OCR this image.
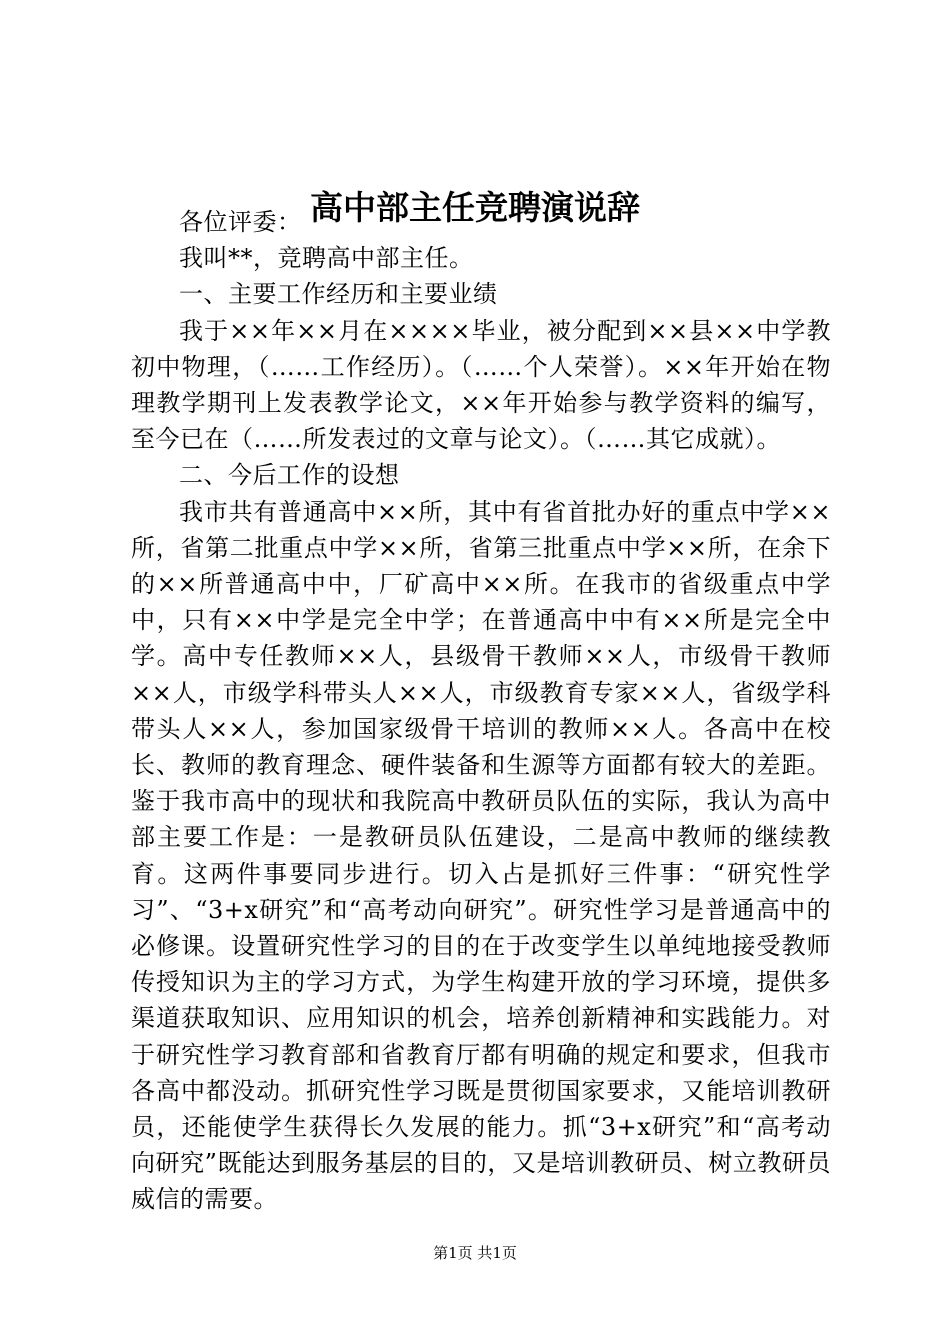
高中部主任竞聘演说辞

各位评委：

我叫**，竞聘高中部主任。

一、主要工作经历和主要业绩

我于××年××月在××××毕业，被分配到××县××中学教初中物理，（……工作经历）。（……个人荣誉）。××年开始在物理教学期刊上发表教学论文，××年开始参与教学资料的编写，至今已在（……所发表过的文章与论文）。（……其它成就）。

二、今后工作的设想

我市共有普通高中××所，其中有省首批办好的重点中学××所，省第二批重点中学××所，省第三批重点中学××所，在余下的××所普通高中中，厂矿高中××所。在我市的省级重点中学中，只有××中学是完全中学；在普通高中中有××所是完全中学。高中专任教师××人，县级骨干教师××人，市级骨干教师××人，市级学科带头人××人，市级教育专家××人，省级学科带头人××人，参加国家级骨干培训的教师××人。各高中在校长、教师的教育理念、硬件装备和生源等方面都有较大的差距。鉴于我市高中的现状和我院高中教研员队伍的实际，我认为高中部主要工作是：一是教研员队伍建设，二是高中教师的继续教育。这两件事要同步进行。切入占是抓好三件事：“研究性学习”、“3+x研究”和“高考动向研究”。研究性学习是普通高中的必修课。设置研究性学习的目的在于改变学生以单纯地接受教师传授知识为主的学习方式，为学生构建开放的学习环境，提供多渠道获取知识、应用知识的机会，培养创新精神和实践能力。对于研究性学习教育部和省教育厅都有明确的规定和要求，但我市各高中都没动。抓研究性学习既是贯彻国家要求，又能培训教研员，还能使学生获得长久发展的能力。抓“3+x研究”和“高考动向研究”既能达到服务基层的目的，又是培训教研员、树立教研员威信的需要。

第1页 共1页
